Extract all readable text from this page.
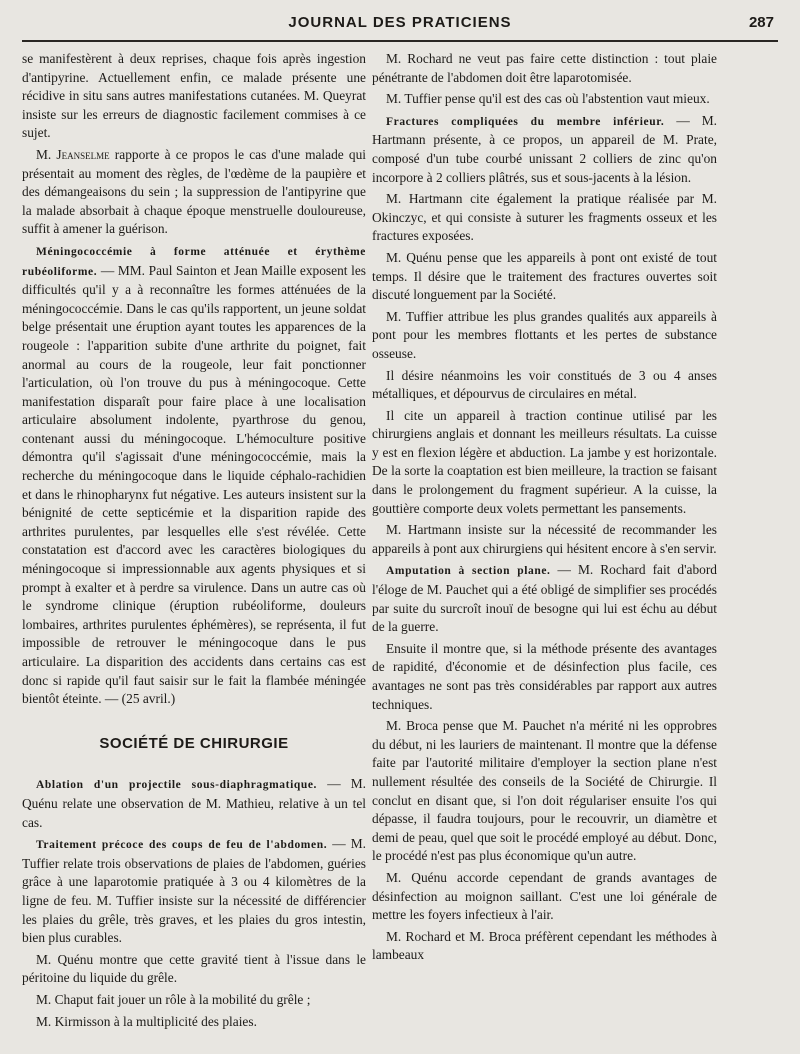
JOURNAL DES PRATICIENS	287

se manifestèrent à deux reprises, chaque fois après ingestion d'antipyrine. Actuellement enfin, ce malade présente une récidive in situ sans autres manifestations cutanées. M. Queyrat insiste sur les erreurs de diagnostic facilement commises à ce sujet.

M. Jeanselme rapporte à ce propos le cas d'une malade qui présentait au moment des règles, de l'œdème de la paupière et des démangeaisons du sein ; la suppression de l'antipyrine que la malade absorbait à chaque époque menstruelle douloureuse, suffit à amener la guérison.

Méningococcémie à forme atténuée et érythème rubéoliforme. — MM. Paul Sainton et Jean Maille exposent les difficultés qu'il y a à reconnaître les formes atténuées de la méningococcémie. Dans le cas qu'ils rapportent, un jeune soldat belge présentait une éruption ayant toutes les apparences de la rougeole : l'apparition subite d'une arthrite du poignet, fait anormal au cours de la rougeole, leur fait ponctionner l'articulation, où l'on trouve du pus à méningocoque. Cette manifestation disparaît pour faire place à une localisation articulaire absolument indolente, pyarthrose du genou, contenant aussi du méningocoque. L'hémoculture positive démontra qu'il s'agissait d'une méningococcémie, mais la recherche du méningocoque dans le liquide céphalo-rachidien et dans le rhinopharynx fut négative. Les auteurs insistent sur la bénignité de cette septicémie et la disparition rapide des arthrites purulentes, par lesquelles elle s'est révélée. Cette constatation est d'accord avec les caractères biologiques du méningocoque si impressionnable aux agents physiques et si prompt à exalter et à perdre sa virulence. Dans un autre cas où le syndrome clinique (éruption rubéoliforme, douleurs lombaires, arthrites purulentes éphémères), se représenta, il fut impossible de retrouver le méningocoque dans le pus articulaire. La disparition des accidents dans certains cas est donc si rapide qu'il faut saisir sur le fait la flambée méningée bientôt éteinte. — (25 avril.)

SOCIÉTÉ DE CHIRURGIE

Ablation d'un projectile sous-diaphragmatique. — M. Quénu relate une observation de M. Mathieu, relative à un tel cas.

Traitement précoce des coups de feu de l'abdomen. — M. Tuffier relate trois observations de plaies de l'abdomen, guéries grâce à une laparotomie pratiquée à 3 ou 4 kilomètres de la ligne de feu. M. Tuffier insiste sur la nécessité de différencier les plaies du grêle, très graves, et les plaies du gros intestin, bien plus curables.

M. Quénu montre que cette gravité tient à l'issue dans le péritoine du liquide du grêle.

M. Chaput fait jouer un rôle à la mobilité du grêle ;

M. Kirmisson à la multiplicité des plaies.

M. Rochard ne veut pas faire cette distinction : tout plaie pénétrante de l'abdomen doit être laparotomisée.

M. Tuffier pense qu'il est des cas où l'abstention vaut mieux.

Fractures compliquées du membre inférieur. — M. Hartmann présente, à ce propos, un appareil de M. Prate, composé d'un tube courbé unissant 2 colliers de zinc qu'on incorpore à 2 colliers plâtrés, sus et sous-jacents à la lésion.

M. Hartmann cite également la pratique réalisée par M. Okinczyc, et qui consiste à suturer les fragments osseux et les fractures exposées.

M. Quénu pense que les appareils à pont ont existé de tout temps. Il désire que le traitement des fractures ouvertes soit discuté longuement par la Société.

M. Tuffier attribue les plus grandes qualités aux appareils à pont pour les membres flottants et les pertes de substance osseuse.

Il désire néanmoins les voir constitués de 3 ou 4 anses métalliques, et dépourvus de circulaires en métal.

Il cite un appareil à traction continue utilisé par les chirurgiens anglais et donnant les meilleurs résultats. La cuisse y est en flexion légère et abduction. La jambe y est horizontale. De la sorte la coaptation est bien meilleure, la traction se faisant dans le prolongement du fragment supérieur. A la cuisse, la gouttière comporte deux volets permettant les pansements.

M. Hartmann insiste sur la nécessité de recommander les appareils à pont aux chirurgiens qui hésitent encore à s'en servir.

Amputation à section plane. — M. Rochard fait d'abord l'éloge de M. Pauchet qui a été obligé de simplifier ses procédés par suite du surcroît inouï de besogne qui lui est échu au début de la guerre.

Ensuite il montre que, si la méthode présente des avantages de rapidité, d'économie et de désinfection plus facile, ces avantages ne sont pas très considérables par rapport aux autres techniques.

M. Broca pense que M. Pauchet n'a mérité ni les opprobres du début, ni les lauriers de maintenant. Il montre que la défense faite par l'autorité militaire d'employer la section plane n'est nullement résultée des conseils de la Société de Chirurgie. Il conclut en disant que, si l'on doit régulariser ensuite l'os qui dépasse, il faudra toujours, pour le recouvrir, un diamètre et demi de peau, quel que soit le procédé employé au début. Donc, le procédé n'est pas plus économique qu'un autre.

M. Quénu accorde cependant de grands avantages de désinfection au moignon saillant. C'est une loi générale de mettre les foyers infectieux à l'air.

M. Rochard et M. Broca préfèrent cependant les méthodes à lambeaux
